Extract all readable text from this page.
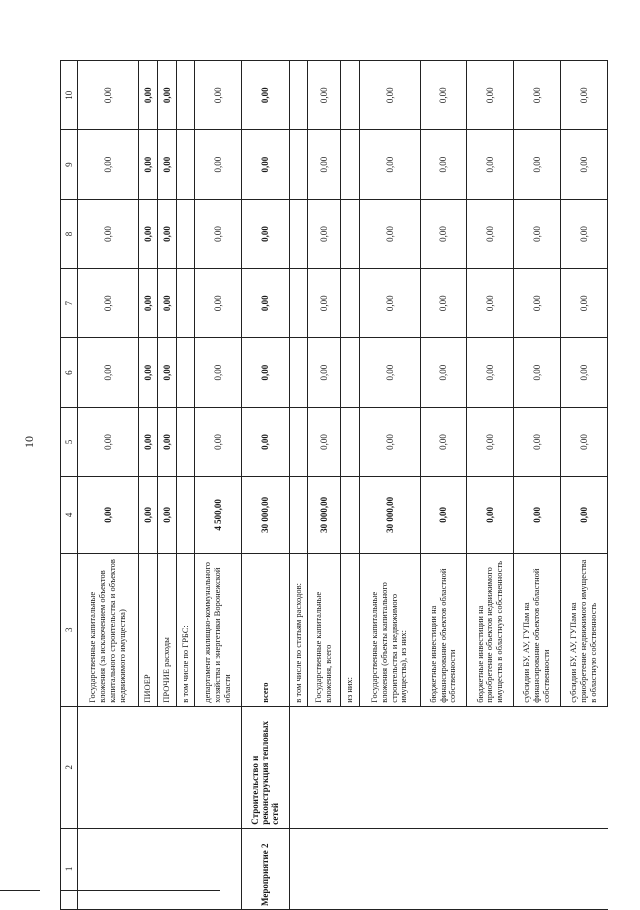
10
1	2	3	4	5	6	7	8	9	10
		Государственные капитальные вложения (за исключением объектов капитального строительства и объектов недвижимого имущества)	0,00	0,00	0,00	0,00	0,00	0,00	0,00
		ПИОЕР	0,00	0,00	0,00	0,00	0,00	0,00	0,00
		ПРОЧИЕ расходы	0,00	0,00	0,00	0,00	0,00	0,00	0,00
		в том числе по ГРБС:							
		департамент жилищно-коммунального хозяйства и энергетики Воронежской области	4 500,00	0,00	0,00	0,00	0,00	0,00	0,00
Мероприятие 2	Строительство и реконструкция тепловых сетей	всего	30 000,00	0,00	0,00	0,00	0,00	0,00	0,00
		в том числе по статьям расходов:							
		Государственные капитальные вложения, всего	30 000,00	0,00	0,00	0,00	0,00	0,00	0,00
		из них:							
		Государственные капитальные вложения (объекты капитального строительства и недвижимого имущества), из них:	30 000,00	0,00	0,00	0,00	0,00	0,00	0,00
		бюджетные инвестиции на финансирование объектов областной собственности	0,00	0,00	0,00	0,00	0,00	0,00	0,00
		бюджетные инвестиции на приобретение объектов недвижимого имущества в областную собственность	0,00	0,00	0,00	0,00	0,00	0,00	0,00
		субсидии БУ, АУ, ГУПам на финансирование объектов областной собственности	0,00	0,00	0,00	0,00	0,00	0,00	0,00
		субсидии БУ, АУ, ГУПам на приобретение недвижимого имущества в областную собственность	0,00	0,00	0,00	0,00	0,00	0,00	0,00
